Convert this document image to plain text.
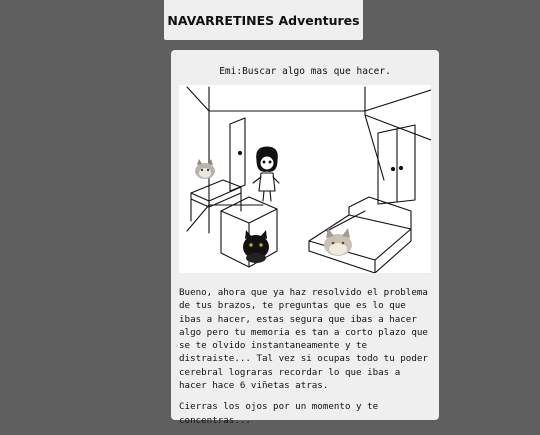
NAVARRETINES Adventures
Emi:Buscar algo mas que hacer.

Bueno, ahora que ya haz resolvido el problema de tus brazos, te preguntas que es lo que ibas a hacer, estas segura que ibas a hacer algo pero tu memoria es tan a corto plazo que se te olvido instantaneamente y te distraiste... Tal vez si ocupas todo tu poder cerebral lograras recordar lo que ibas a hacer hace 6 viñetas atras.

Cierras los ojos por un momento y te concentras...
